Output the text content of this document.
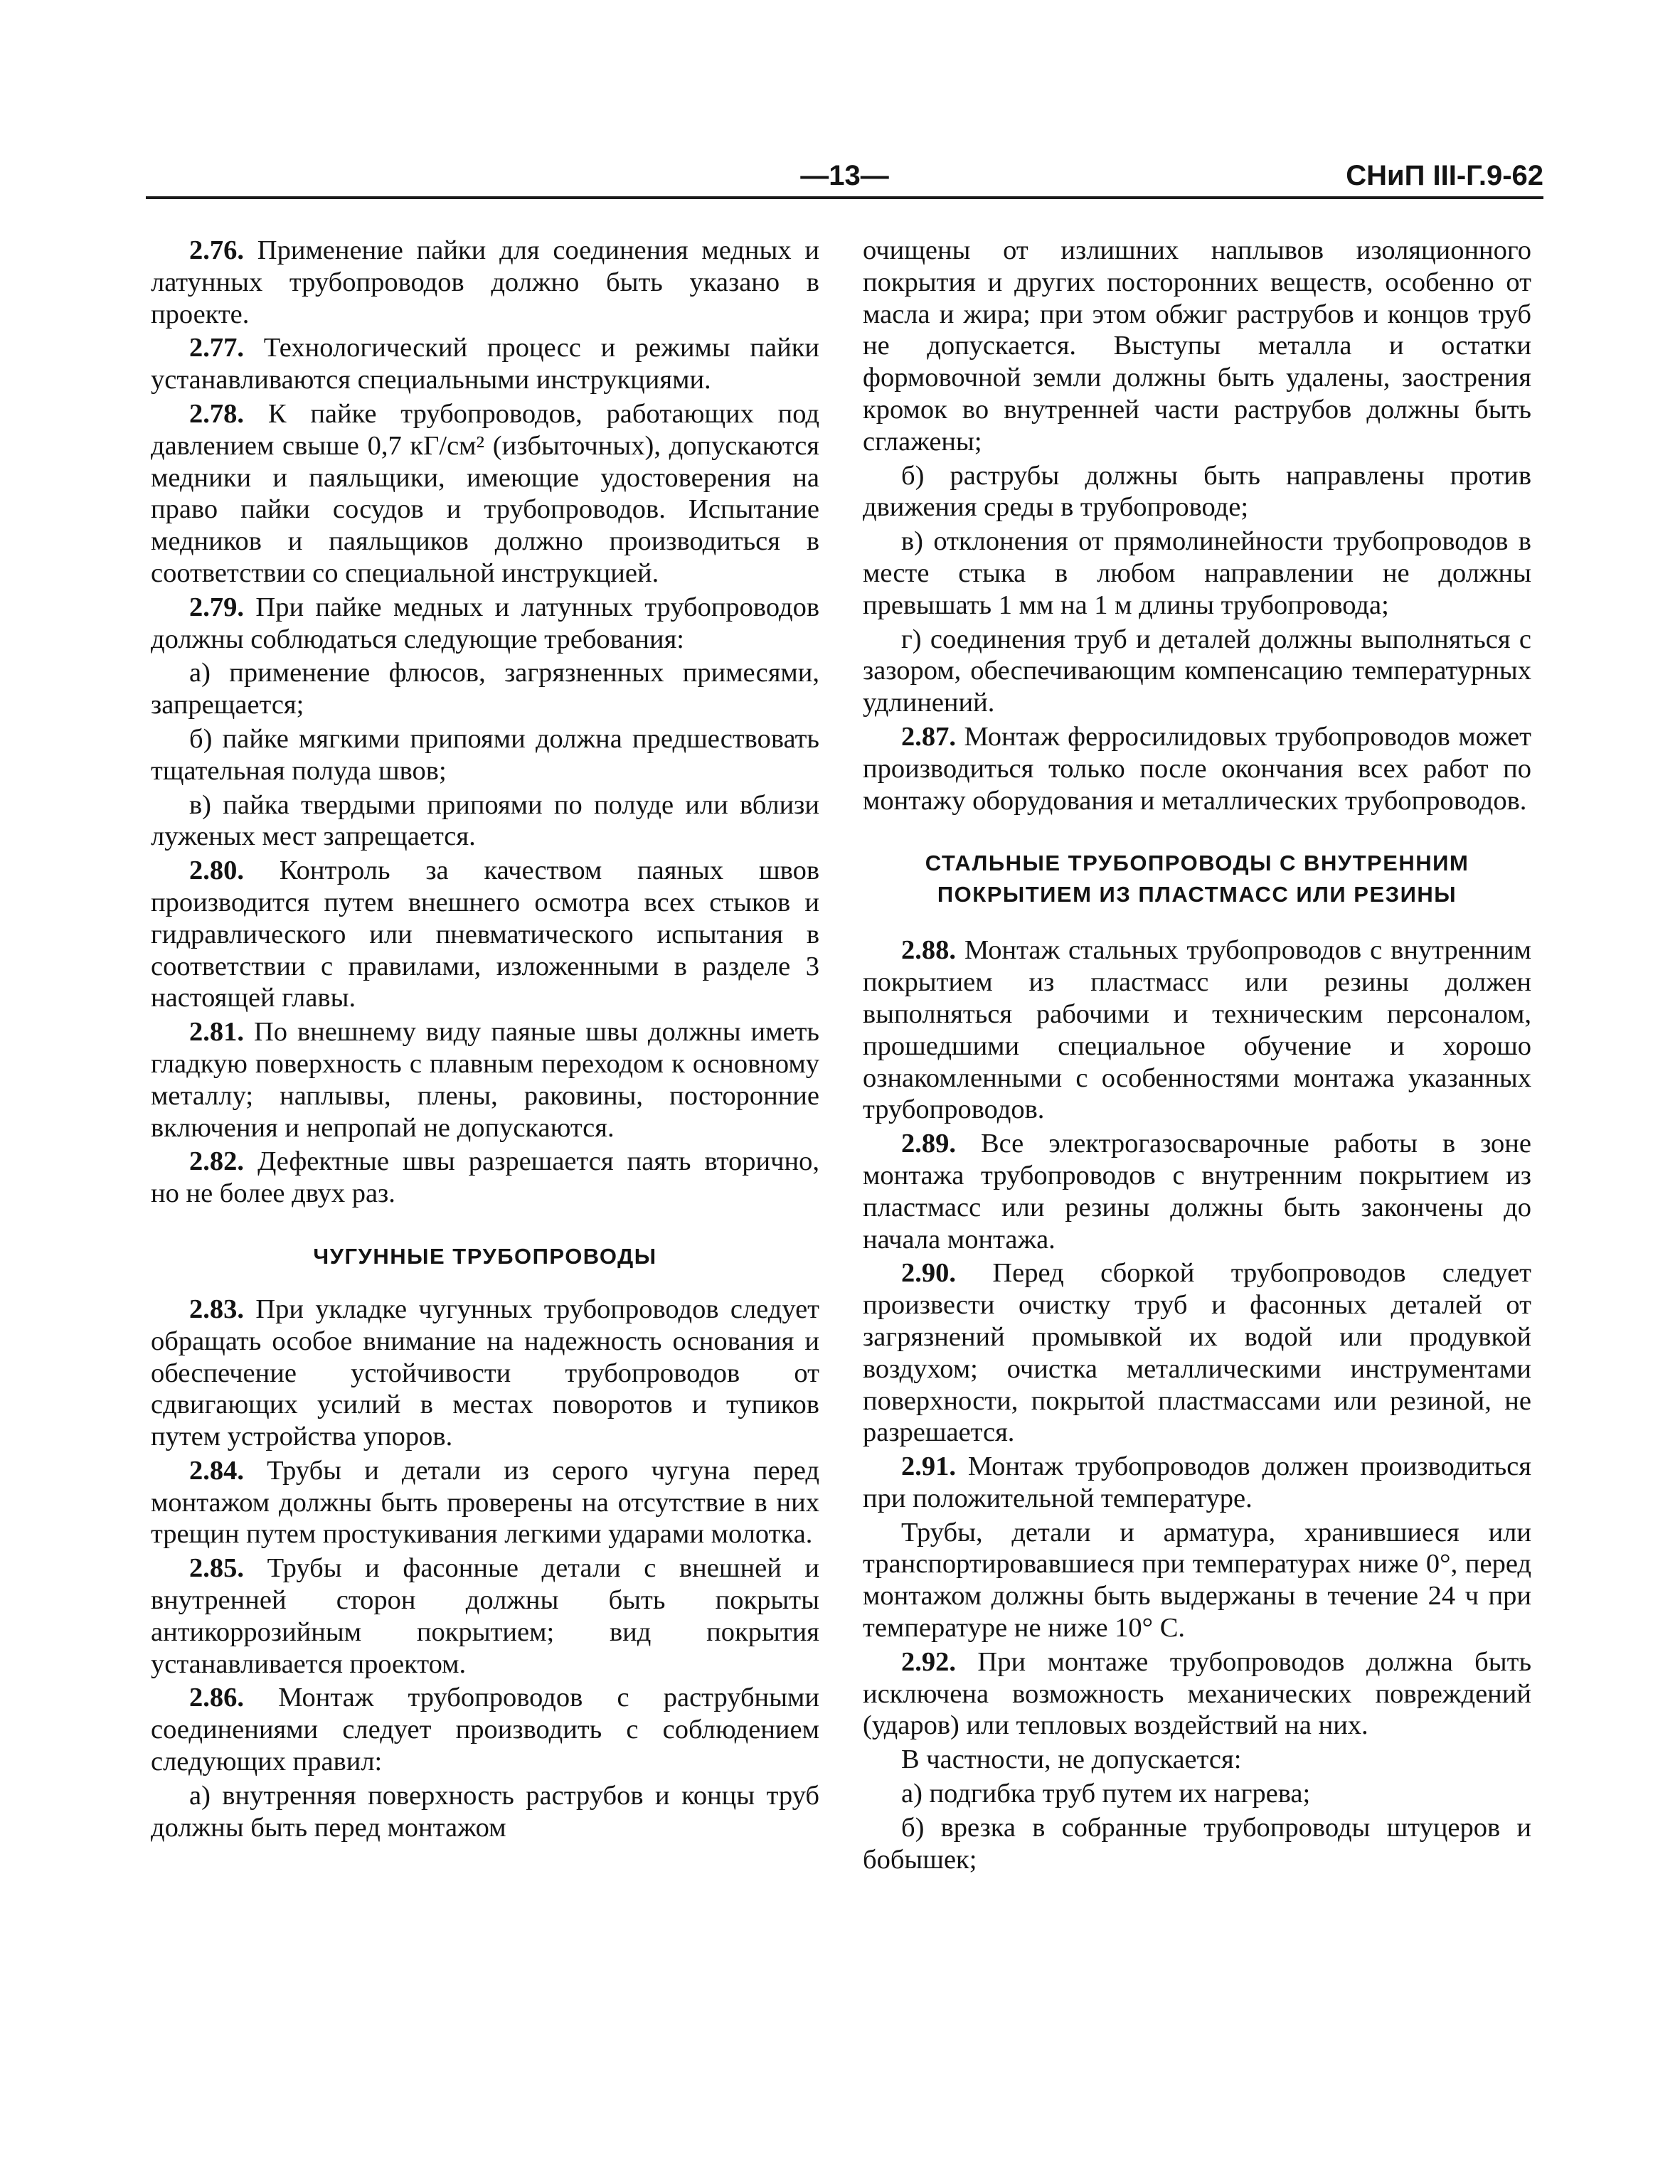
—13—	СНиП III-Г.9-62

2.76. Применение пайки для соединения медных и латунных трубопроводов должно быть указано в проекте.

2.77. Технологический процесс и режимы пайки устанавливаются специальными инструкциями.

2.78. К пайке трубопроводов, работающих под давлением свыше 0,7 кГ/см² (избыточных), допускаются медники и паяльщики, имеющие удостоверения на право пайки сосудов и трубопроводов. Испытание медников и паяльщиков должно производиться в соответствии со специальной инструкцией.

2.79. При пайке медных и латунных трубопроводов должны соблюдаться следующие требования:

а) применение флюсов, загрязненных примесями, запрещается;

б) пайке мягкими припоями должна предшествовать тщательная полуда швов;

в) пайка твердыми припоями по полуде или вблизи луженых мест запрещается.

2.80. Контроль за качеством паяных швов производится путем внешнего осмотра всех стыков и гидравлического или пневматического испытания в соответствии с правилами, изложенными в разделе 3 настоящей главы.

2.81. По внешнему виду паяные швы должны иметь гладкую поверхность с плавным переходом к основному металлу; наплывы, плены, раковины, посторонние включения и непропай не допускаются.

2.82. Дефектные швы разрешается паять вторично, но не более двух раз.

ЧУГУННЫЕ ТРУБОПРОВОДЫ

2.83. При укладке чугунных трубопроводов следует обращать особое внимание на надежность основания и обеспечение устойчивости трубопроводов от сдвигающих усилий в местах поворотов и тупиков путем устройства упоров.

2.84. Трубы и детали из серого чугуна перед монтажом должны быть проверены на отсутствие в них трещин путем простукивания легкими ударами молотка.

2.85. Трубы и фасонные детали с внешней и внутренней сторон должны быть покрыты антикоррозийным покрытием; вид покрытия устанавливается проектом.

2.86. Монтаж трубопроводов с раструбными соединениями следует производить с соблюдением следующих правил:

а) внутренняя поверхность раструбов и концы труб должны быть перед монтажом

очищены от излишних наплывов изоляционного покрытия и других посторонних веществ, особенно от масла и жира; при этом обжиг раструбов и концов труб не допускается. Выступы металла и остатки формовочной земли должны быть удалены, заострения кромок во внутренней части раструбов должны быть сглажены;

б) раструбы должны быть направлены против движения среды в трубопроводе;

в) отклонения от прямолинейности трубопроводов в месте стыка в любом направлении не должны превышать 1 мм на 1 м длины трубопровода;

г) соединения труб и деталей должны выполняться с зазором, обеспечивающим компенсацию температурных удлинений.

2.87. Монтаж ферросилидовых трубопроводов может производиться только после окончания всех работ по монтажу оборудования и металлических трубопроводов.

СТАЛЬНЫЕ ТРУБОПРОВОДЫ С ВНУТРЕННИМ
ПОКРЫТИЕМ ИЗ ПЛАСТМАСС ИЛИ РЕЗИНЫ

2.88. Монтаж стальных трубопроводов с внутренним покрытием из пластмасс или резины должен выполняться рабочими и техническим персоналом, прошедшими специальное обучение и хорошо ознакомленными с особенностями монтажа указанных трубопроводов.

2.89. Все электрогазосварочные работы в зоне монтажа трубопроводов с внутренним покрытием из пластмасс или резины должны быть закончены до начала монтажа.

2.90. Перед сборкой трубопроводов следует произвести очистку труб и фасонных деталей от загрязнений промывкой их водой или продувкой воздухом; очистка металлическими инструментами поверхности, покрытой пластмассами или резиной, не разрешается.

2.91. Монтаж трубопроводов должен производиться при положительной температуре.

Трубы, детали и арматура, хранившиеся или транспортировавшиеся при температурах ниже 0°, перед монтажом должны быть выдержаны в течение 24 ч при температуре не ниже 10° С.

2.92. При монтаже трубопроводов должна быть исключена возможность механических повреждений (ударов) или тепловых воздействий на них.

В частности, не допускается:

а) подгибка труб путем их нагрева;

б) врезка в собранные трубопроводы штуцеров и бобышек;
